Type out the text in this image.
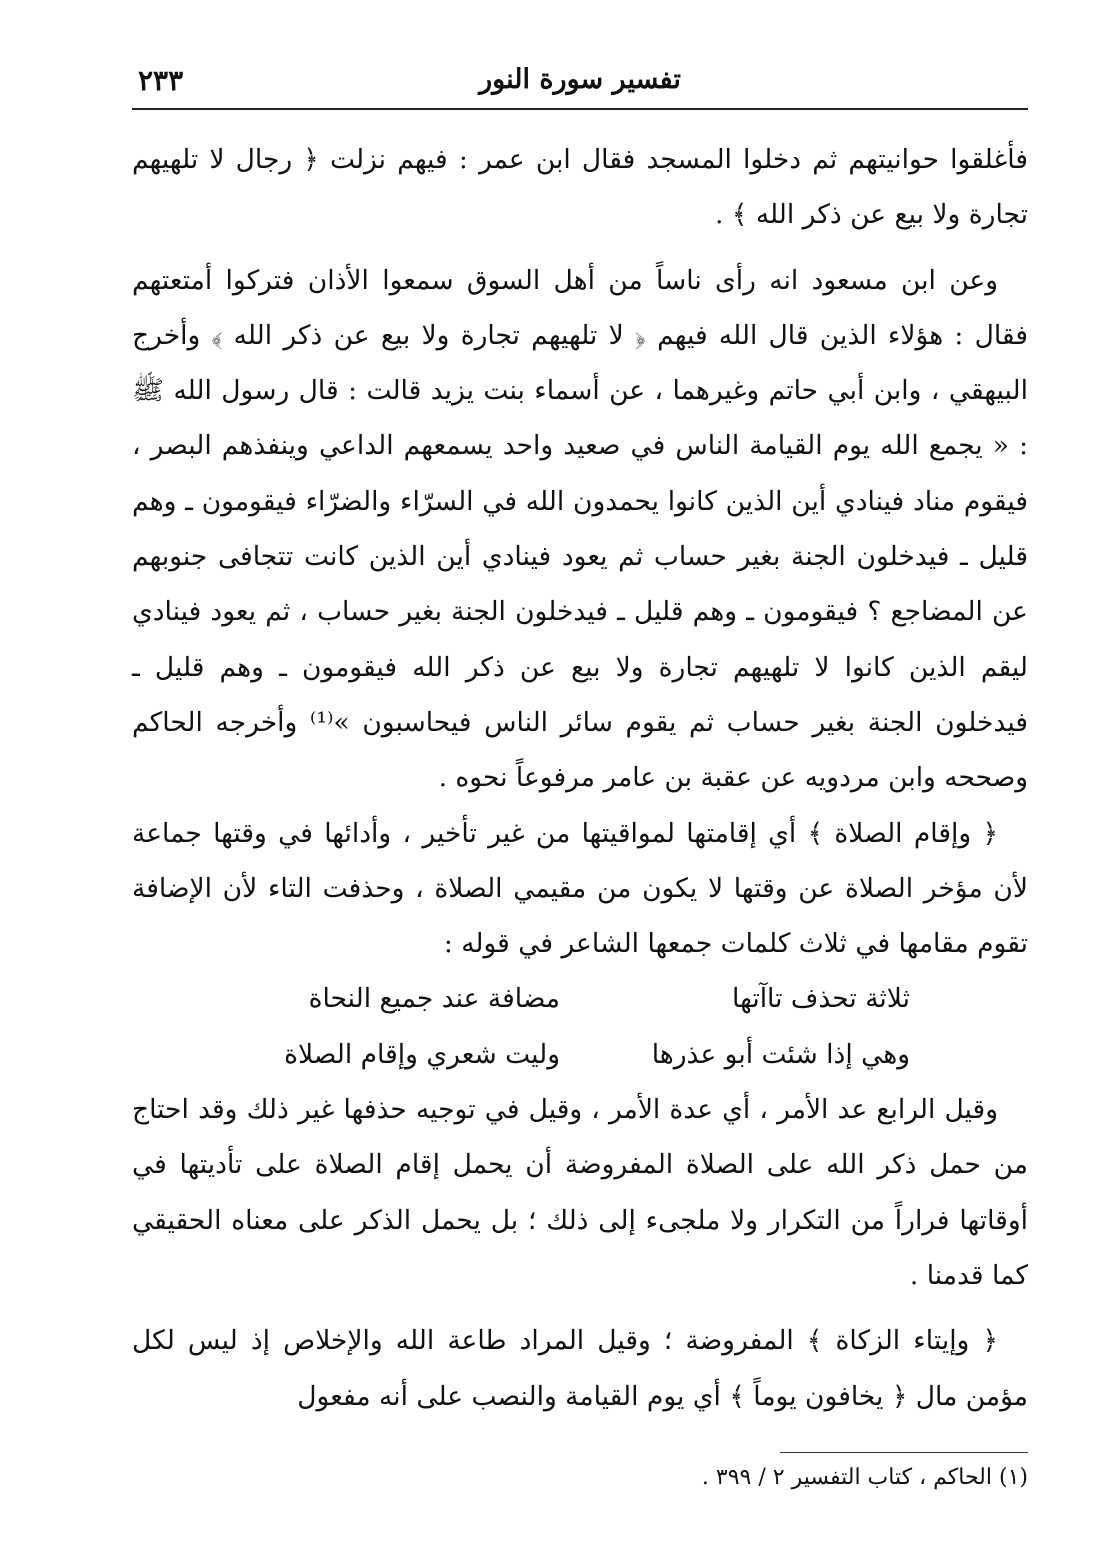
تفسير سورة النور
٢٣٣

فأغلقوا حوانيتهم ثم دخلوا المسجد فقال ابن عمر : فيهم نزلت ﴿ رجال لا تلهيهم تجارة ولا بيع عن ذكر الله ﴾ .

وعن ابن مسعود انه رأى ناساً من أهل السوق سمعوا الأذان فتركوا أمتعتهم فقال : هؤلاء الذين قال الله فيهم ﴿ لا تلهيهم تجارة ولا بيع عن ذكر الله ﴾ وأخرج البيهقي ، وابن أبي حاتم وغيرهما ، عن أسماء بنت يزيد قالت : قال رسول الله ﷺ : « يجمع الله يوم القيامة الناس في صعيد واحد يسمعهم الداعي وينفذهم البصر ، فيقوم مناد فينادي أين الذين كانوا يحمدون الله في السرّاء والضرّاء فيقومون ـ وهم قليل ـ فيدخلون الجنة بغير حساب ثم يعود فينادي أين الذين كانت تتجافى جنوبهم عن المضاجع ؟ فيقومون ـ وهم قليل ـ فيدخلون الجنة بغير حساب ، ثم يعود فينادي ليقم الذين كانوا لا تلهيهم تجارة ولا بيع عن ذكر الله فيقومون ـ وهم قليل ـ فيدخلون الجنة بغير حساب ثم يقوم سائر الناس فيحاسبون »⁽¹⁾ وأخرجه الحاكم وصححه وابن مردويه عن عقبة بن عامر مرفوعاً نحوه .

﴿ وإقام الصلاة ﴾ أي إقامتها لمواقيتها من غير تأخير ، وأدائها في وقتها جماعة لأن مؤخر الصلاة عن وقتها لا يكون من مقيمي الصلاة ، وحذفت التاء لأن الإضافة تقوم مقامها في ثلاث كلمات جمعها الشاعر في قوله :

ثلاثة تحذف تاآتها
مضافة عند جميع النحاة
وهي إذا شئت أبو عذرها
وليت شعري وإقام الصلاة

وقيل الرابع عد الأمر ، أي عدة الأمر ، وقيل في توجيه حذفها غير ذلك وقد احتاج من حمل ذكر الله على الصلاة المفروضة أن يحمل إقام الصلاة على تأديتها في أوقاتها فراراً من التكرار ولا ملجىء إلى ذلك ؛ بل يحمل الذكر على معناه الحقيقي كما قدمنا .

﴿ وإيتاء الزكاة ﴾ المفروضة ؛ وقيل المراد طاعة الله والإخلاص إذ ليس لكل مؤمن مال ﴿ يخافون يوماً ﴾ أي يوم القيامة والنصب على أنه مفعول

(١) الحاكم ، كتاب التفسير ٢ / ٣٩٩ .
